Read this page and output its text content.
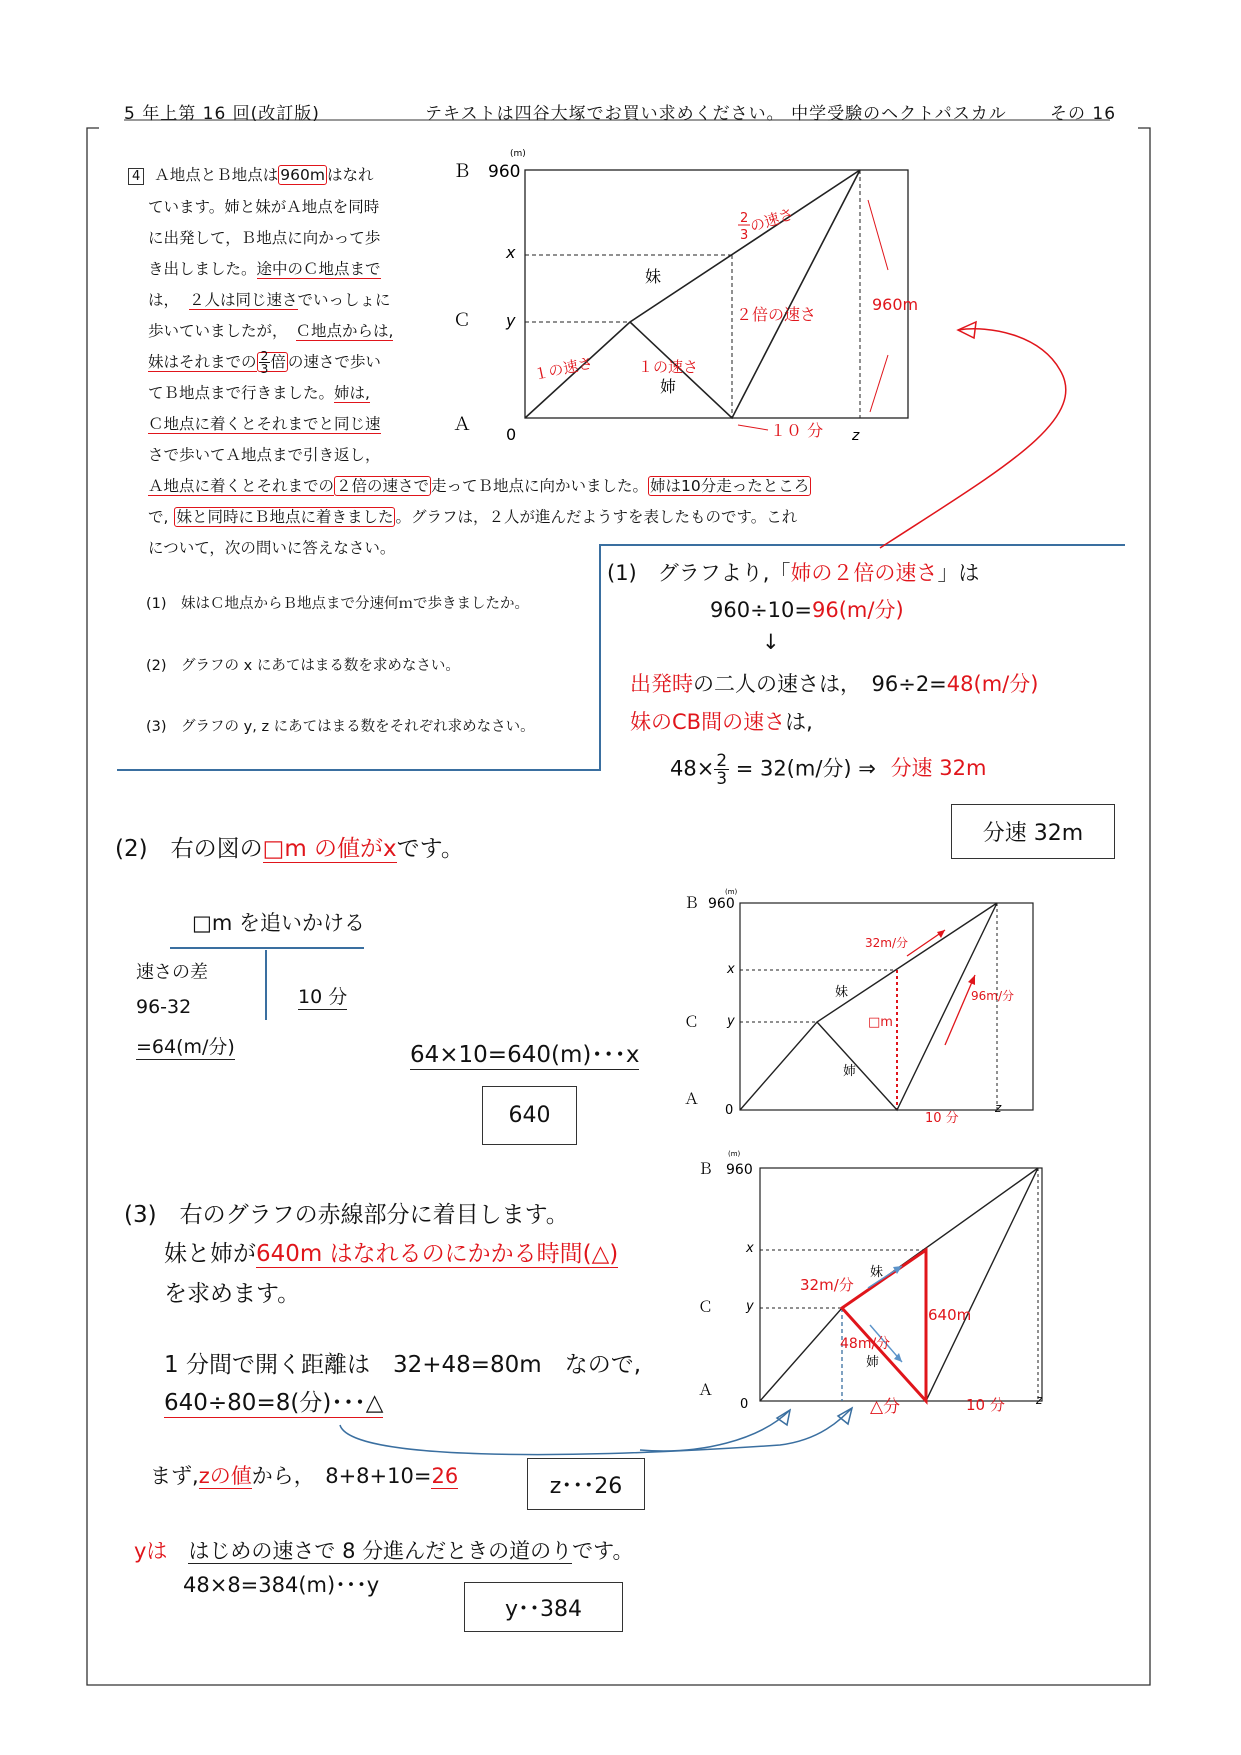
5 年上第 16 回(改訂版)	テキストは四谷大塚でお買い求めください。 中学受験のヘクトパスカル	その 16
4 Ａ地点とＢ地点は 960m はなれ
ています。姉と妹がＡ地点を同時
に出発して，Ｂ地点に向かって歩
き出しました。途中のＣ地点まで
は， ２人は同じ速さでいっしょに
歩いていましたが， Ｃ地点からは,
妹はそれまでの $\frac{2}{3}$ 倍 の速さで歩い
てＢ地点まで行きました。姉は,
Ｃ地点に着くとそれまでと同じ速
さで歩いてＡ地点まで引き返し，
Ａ地点に着くとそれまでの ２倍の速さで 走ってＢ地点に向かいました。 姉は10分走ったところ
で, 妹と同時にＢ地点に着きました 。グラフは，２人が進んだようすを表したものです。これ
について，次の問いに答えなさい。
(1)　妹はＣ地点からＢ地点まで分速何ｍで歩きましたか。
(2)　グラフの x にあてはまる数を求めなさい。
(3)　グラフの y, z にあてはまる数をそれぞれ求めなさい。
(m)
Ｂ 960
x
Ｃ y
Ａ 0	z
妹
姉
2
3 の速さ
２倍の速さ
１の速さ	１の速さ
960m
１０ 分
(1)　 グラフより,「姉の２倍の速さ」は
960÷10=96(m/分)
↓
出発時の二人の速さは，　96÷2=48(m/分)
妹のCB間の速さは,
$48\times \frac{2}{3} = 32(m/$分) ⇒ 分速 32m
分速 32m
(2)　 右の図の□m の値がxです。
□m を追いかける
速さの差
96-32
=64(m/分)
10 分
64×10=640(m)･･･x
640
(m)
Ｂ 960
x
Ｃ y
Ａ
0	z
妹
姉
□m
32m/分
96m/分
10 分
(3)　 右のグラフの赤線部分に着目します。
妹と姉が640m はなれるのにかかる時間(△)
を求めます。
1 分間で開く距離は　32+48=80m　なので,
640÷80=8(分)･･･△
まず,zの値から，　8+8+10=26	z･･･26
yは　 はじめの速さで 8 分進んだときの道のりです。
48×8=384(m)･･･y
y･･384
(m)
Ｂ 960
x
Ｃ	y
Ａ
0	z
妹
姉
32m/分
48m/分
640m
△分	10 分
